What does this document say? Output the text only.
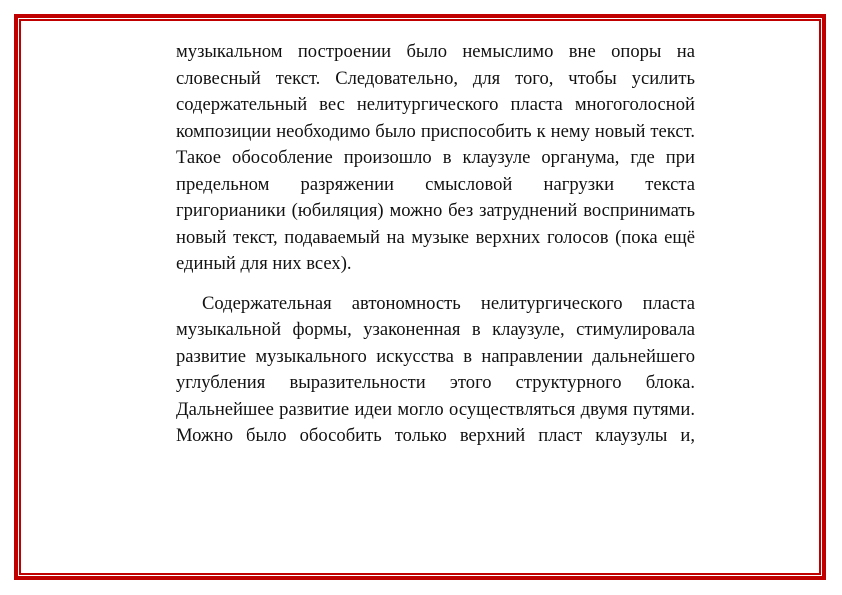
музыкальном построении было немыслимо вне опоры на словесный текст. Следовательно, для того, чтобы усилить содержательный вес нелитургического пласта многоголосной композиции необходимо было приспособить к нему новый текст. Такое обособление произошло в клаузуле органума, где при предельном разряжении смысловой нагрузки текста григорианики (юбиляция) можно без затруднений воспринимать новый текст, подаваемый на музыке верхних голосов (пока ещё единый для них всех).

Содержательная автономность нелитургического пласта музыкальной формы, узаконенная в клаузуле, стимулировала развитие музыкального искусства в направлении дальнейшего углубления выразительности этого структурного блока. Дальнейшее развитие идеи могло осуществляться двумя путями. Можно было обособить только верхний пласт клаузулы и,
